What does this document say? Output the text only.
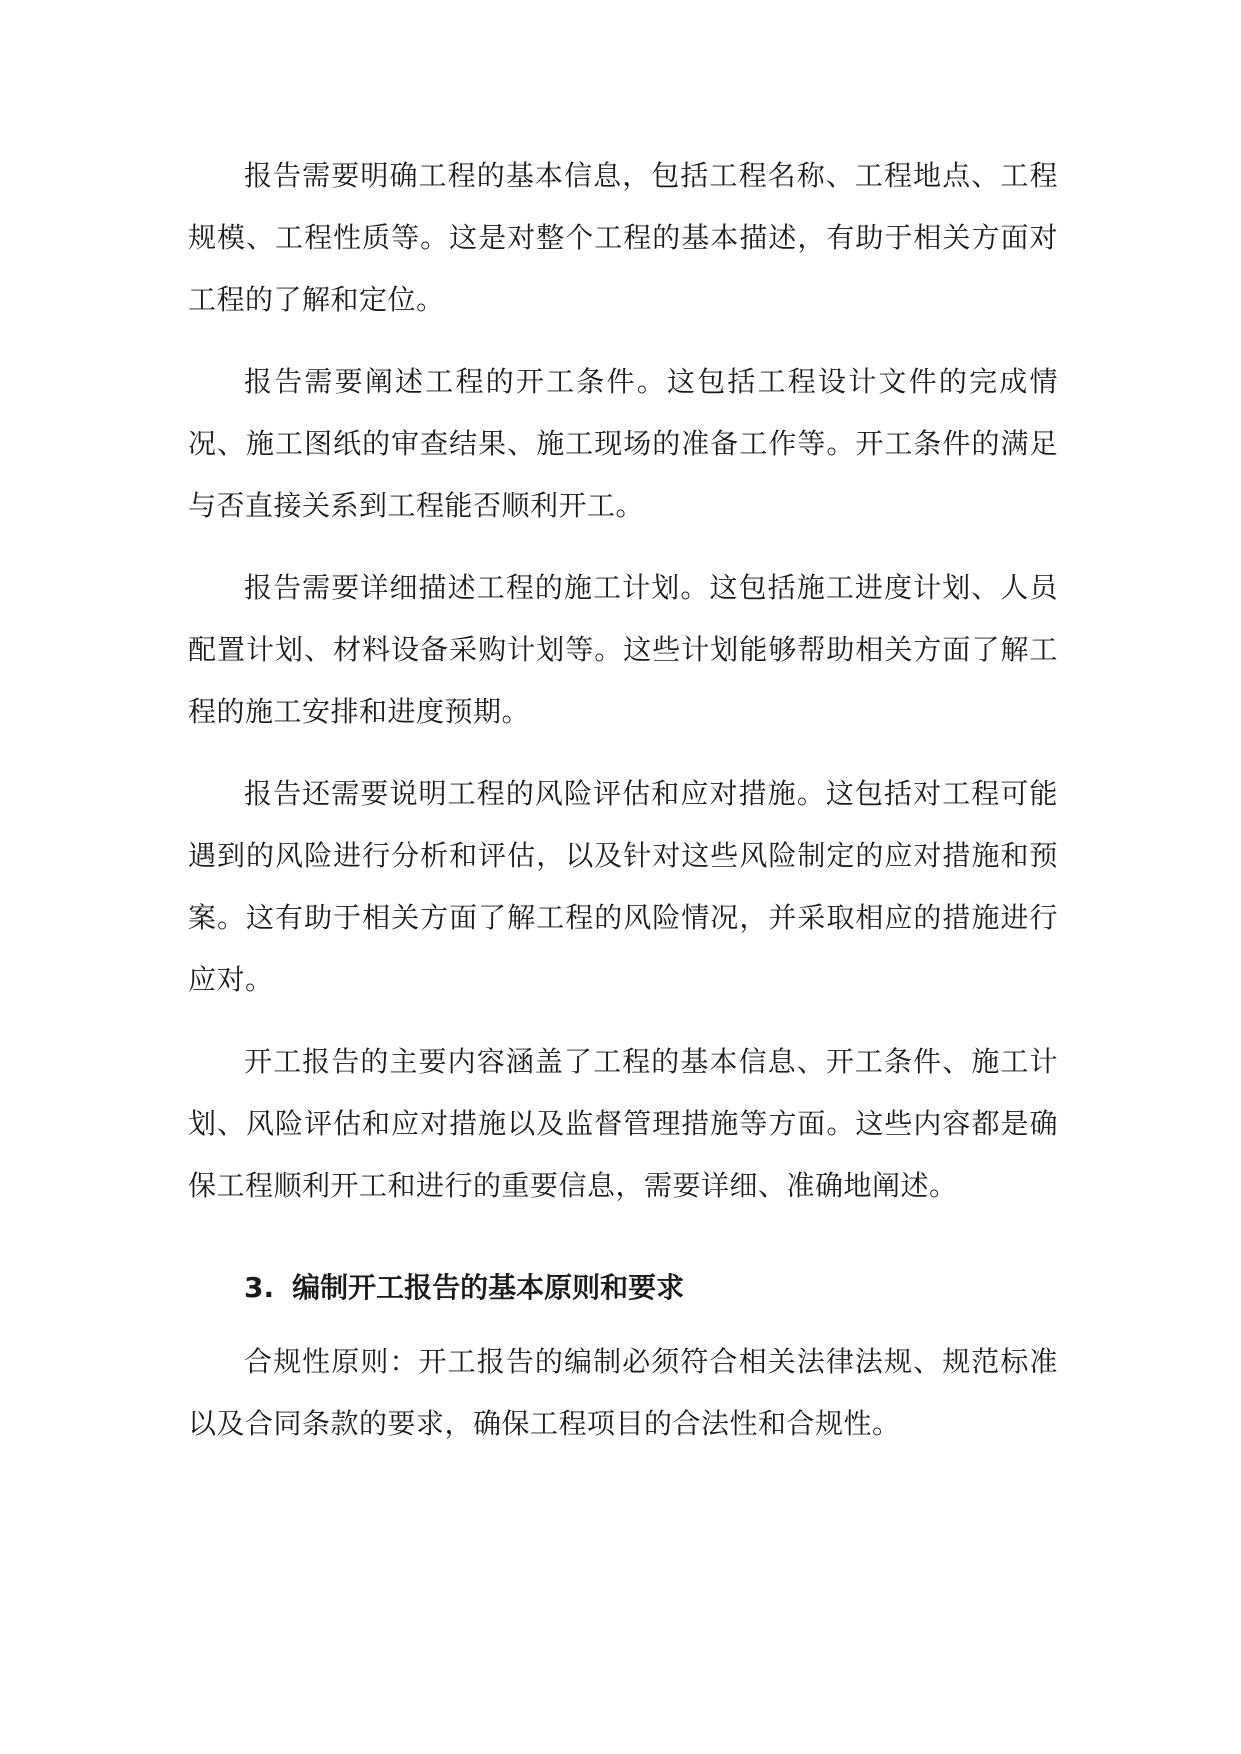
报告需要明确工程的基本信息，包括工程名称、工程地点、工程规模、工程性质等。这是对整个工程的基本描述，有助于相关方面对工程的了解和定位。

报告需要阐述工程的开工条件。这包括工程设计文件的完成情况、施工图纸的审查结果、施工现场的准备工作等。开工条件的满足与否直接关系到工程能否顺利开工。

报告需要详细描述工程的施工计划。这包括施工进度计划、人员配置计划、材料设备采购计划等。这些计划能够帮助相关方面了解工程的施工安排和进度预期。

报告还需要说明工程的风险评估和应对措施。这包括对工程可能遇到的风险进行分析和评估，以及针对这些风险制定的应对措施和预案。这有助于相关方面了解工程的风险情况，并采取相应的措施进行应对。

开工报告的主要内容涵盖了工程的基本信息、开工条件、施工计划、风险评估和应对措施以及监督管理措施等方面。这些内容都是确保工程顺利开工和进行的重要信息，需要详细、准确地阐述。

3. 编制开工报告的基本原则和要求

合规性原则：开工报告的编制必须符合相关法律法规、规范标准以及合同条款的要求，确保工程项目的合法性和合规性。
